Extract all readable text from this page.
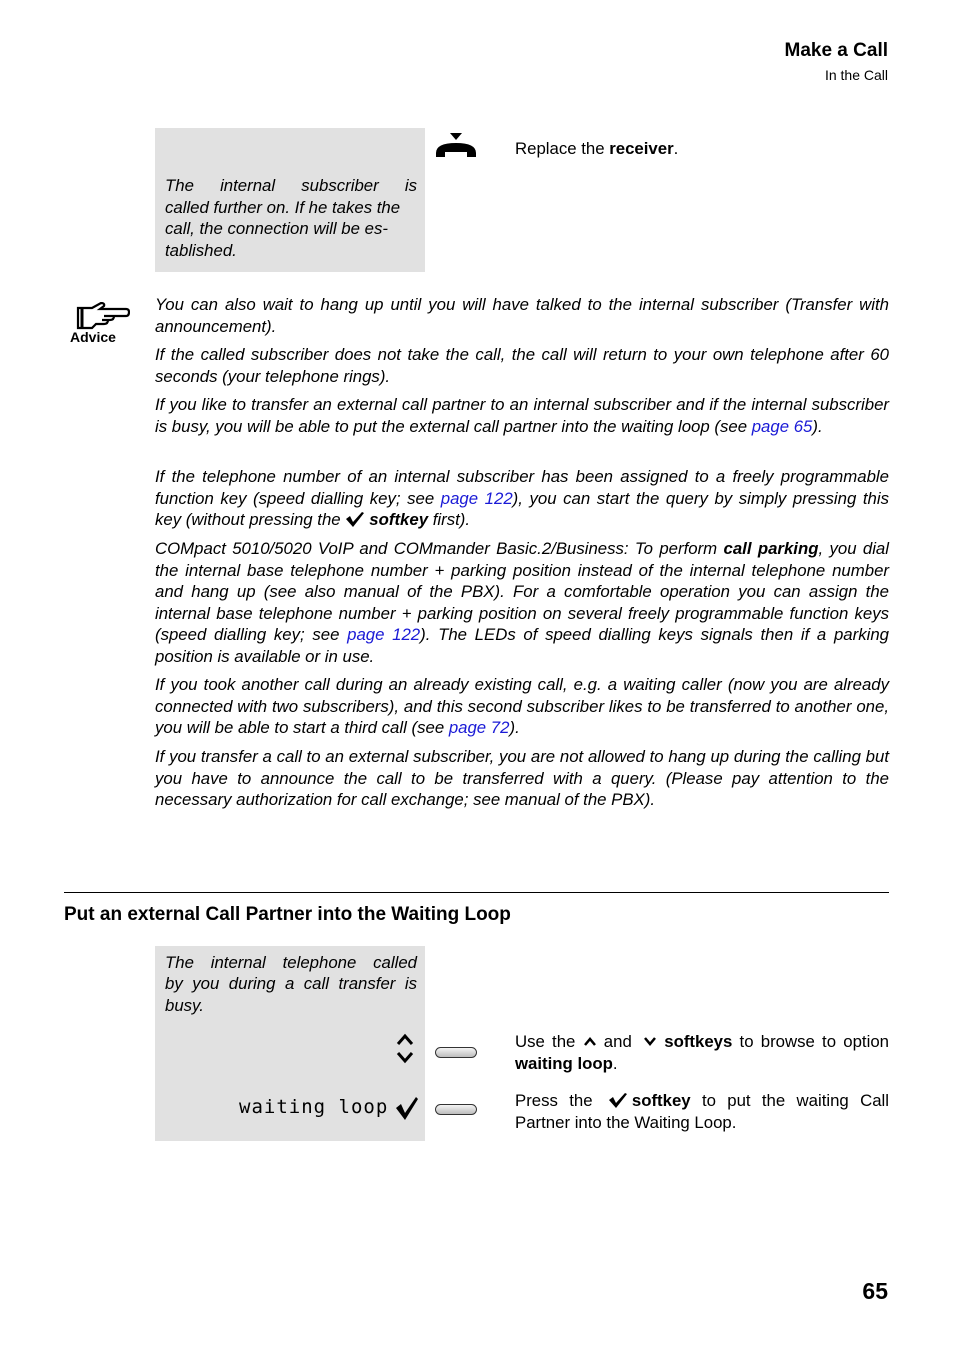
Make a Call
In the Call
The internal subscriber is
called further on. If he takes the
call, the connection will be es-
tablished.
Replace the receiver.
Advice
You can also wait to hang up until you will have talked to the internal subscriber (Transfer with announcement).
If the called subscriber does not take the call, the call will return to your own telephone after 60 seconds (your telephone rings).
If you like to transfer an external call partner to an internal subscriber and if the internal subscriber is busy, you will be able to put the external call partner into the waiting loop (see page 65).
If the telephone number of an internal subscriber has been assigned to a freely programmable function key (speed dialling key; see page 122), you can start the query by simply pressing this key (without pressing the softkey first).
COMpact 5010/5020 VoIP and COMmander Basic.2/Business: To perform call parking, you dial the internal base telephone number + parking position instead of the internal telephone number and hang up (see also manual of the PBX). For a comfortable operation you can assign the internal base telephone number + parking position on several freely programmable function keys (speed dialling key; see page 122). The LEDs of speed dialling keys signals then if a parking position is available or in use.
If you took another call during an already existing call, e.g. a waiting caller (now you are already connected with two subscribers), and this second subscriber likes to be transferred to another one, you will be able to start a third call (see page 72).
If you transfer a call to an external subscriber, you are not allowed to hang up during the calling but you have to announce the call to be transferred with a query. (Please pay attention to the necessary authorization for call exchange; see manual of the PBX).
Put an external Call Partner into the Waiting Loop
The internal telephone called
by you during a call transfer is
busy.
waiting loop
Use the  and  softkeys to browse to option waiting loop.
Press the softkey to put the waiting Call Partner into the Waiting Loop.
65
